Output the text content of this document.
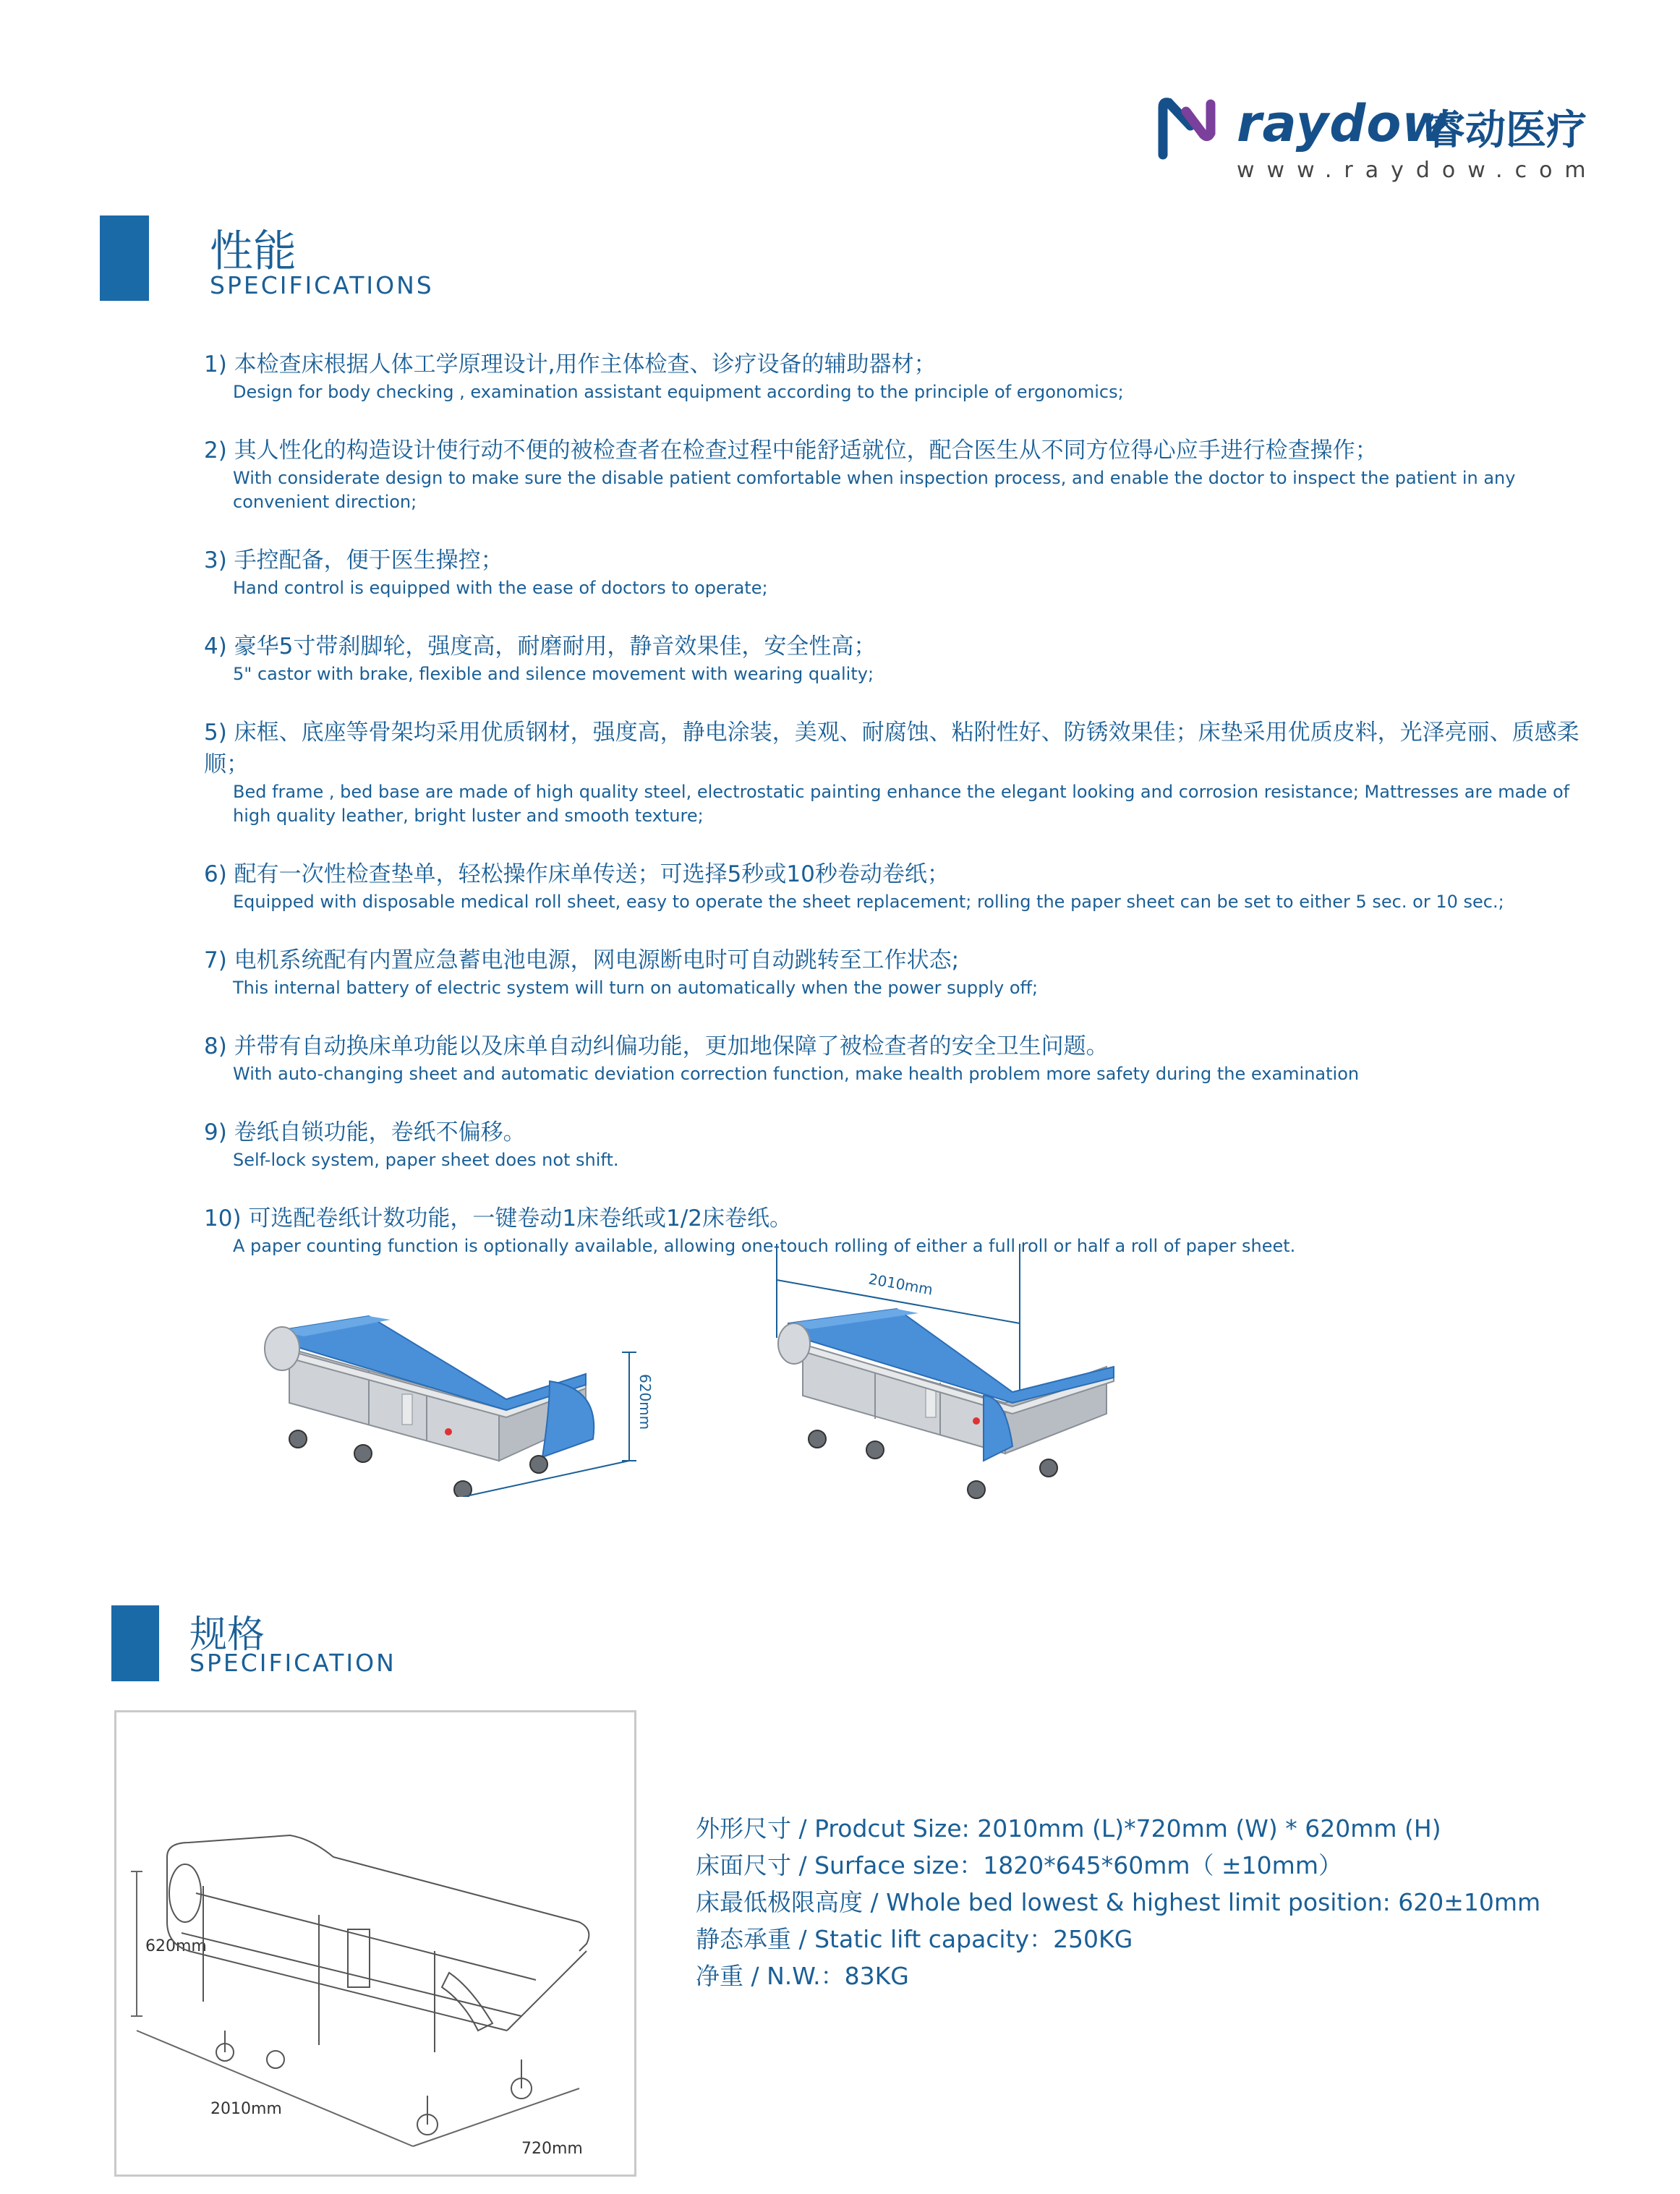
raydow
睿动医疗
www.raydow.com
性能
SPECIFICATIONS
1) 本检查床根据人体工学原理设计,用作主体检查、诊疗设备的辅助器材；
Design for body checking , examination assistant equipment according to the principle of ergonomics;
2) 其人性化的构造设计使行动不便的被检查者在检查过程中能舒适就位，配合医生从不同方位得心应手进行检查操作；
With considerate design to make sure the disable patient comfortable when inspection process, and enable the doctor to inspect the patient in any convenient direction;
3) 手控配备，便于医生操控；
Hand control is equipped with the ease of doctors to operate;
4) 豪华5寸带刹脚轮，强度高，耐磨耐用，静音效果佳，安全性高；
5" castor with brake, flexible and silence movement with wearing quality;
5) 床框、底座等骨架均采用优质钢材，强度高，静电涂装，美观、耐腐蚀、粘附性好、防锈效果佳；床垫采用优质皮料，光泽亮丽、质感柔顺；
Bed frame , bed base are made of high quality steel, electrostatic painting enhance the elegant looking and corrosion resistance; Mattresses are made of high quality leather, bright luster and smooth texture;
6) 配有一次性检查垫单，轻松操作床单传送；可选择5秒或10秒卷动卷纸；
Equipped with disposable medical roll sheet, easy to operate the sheet replacement; rolling the paper sheet can be set to either 5 sec. or 10 sec.;
7) 电机系统配有内置应急蓄电池电源，网电源断电时可自动跳转至工作状态;
This internal battery of electric system will turn on automatically when the power supply off;
8) 并带有自动换床单功能以及床单自动纠偏功能，更加地保障了被检查者的安全卫生问题。
With auto-changing sheet and automatic deviation correction function, make health problem more safety during the examination
9) 卷纸自锁功能，卷纸不偏移。
Self-lock system, paper sheet does not shift.
10) 可选配卷纸计数功能，一键卷动1床卷纸或1/2床卷纸。
A paper counting function is optionally available, allowing one-touch rolling of either a full roll or half a roll of paper sheet.
620mm
2010mm
规格
SPECIFICATION
620mm
2010mm
720mm
外形尺寸 / Prodcut Size: 2010mm (L)*720mm (W) * 620mm (H)
床面尺寸 / Surface size：1820*645*60mm（ ±10mm）
床最低极限高度 / Whole bed lowest & highest limit position: 620±10mm
静态承重 / Static lift capacity：250KG
净重 / N.W.：83KG
